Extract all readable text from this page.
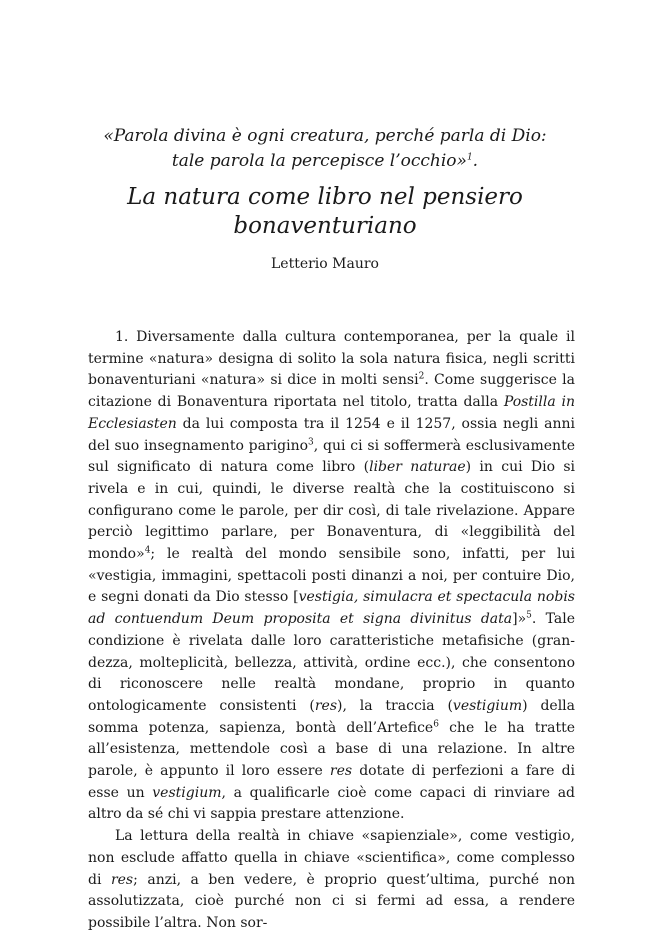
«Parola divina è ogni creatura, perché parla di Dio:
tale parola la percepisce l’occhio»$^1$.
La natura come libro nel pensiero
bonaventuriano
Letterio Mauro

1. Diversamente dalla cultura contemporanea, per la quale il termine «natura» designa di solito la sola natura fisica, negli scritti bonaventuriani «natura» si dice in molti sensi$^2$. Come suggerisce la citazione di Bonaventura riportata nel titolo, tratta dalla Postilla in Ecclesiasten da lui composta tra il 1254 e il 1257, ossia negli anni del suo insegnamento parigino$^3$, qui ci si soffermerà esclusivamente sul significato di natura come libro (liber naturae) in cui Dio si rivela e in cui, quindi, le diverse realtà che la costituiscono si configurano come le parole, per dir così, di tale rivelazione. Appare perciò legittimo parlare, per Bonaventura, di «leggibilità del mondo»$^4$; le realtà del mondo sensibile sono, infatti, per lui «vestigia, immagini, spettacoli posti dinanzi a noi, per contuire Dio, e segni donati da Dio stesso [vestigia, simulacra et spectacula nobis ad contuendum Deum proposita et signa divinitus data]»$^5$. Tale condizione è rivelata dalle loro caratteristiche metafisiche (grandezza, molteplicità, bellezza, attività, ordine ecc.), che consentono di riconoscere nelle realtà mondane, proprio in quanto ontologicamente consistenti (res), la traccia (vestigium) della somma potenza, sapienza, bontà dell’Artefice$^6$ che le ha tratte all’esistenza, mettendole così a base di una relazione. In altre parole, è appunto il loro essere res dotate di perfezioni a fare di esse un vestigium, a qualificarle cioè come capaci di rinviare ad altro da sé chi vi sappia prestare attenzione.

La lettura della realtà in chiave «sapienziale», come vestigio, non esclude affatto quella in chiave «scientifica», come complesso di res; anzi, a ben vedere, è proprio quest’ultima, purché non assolutizzata, cioè purché non ci si fermi ad essa, a rendere possibile l’altra. Non sor-
